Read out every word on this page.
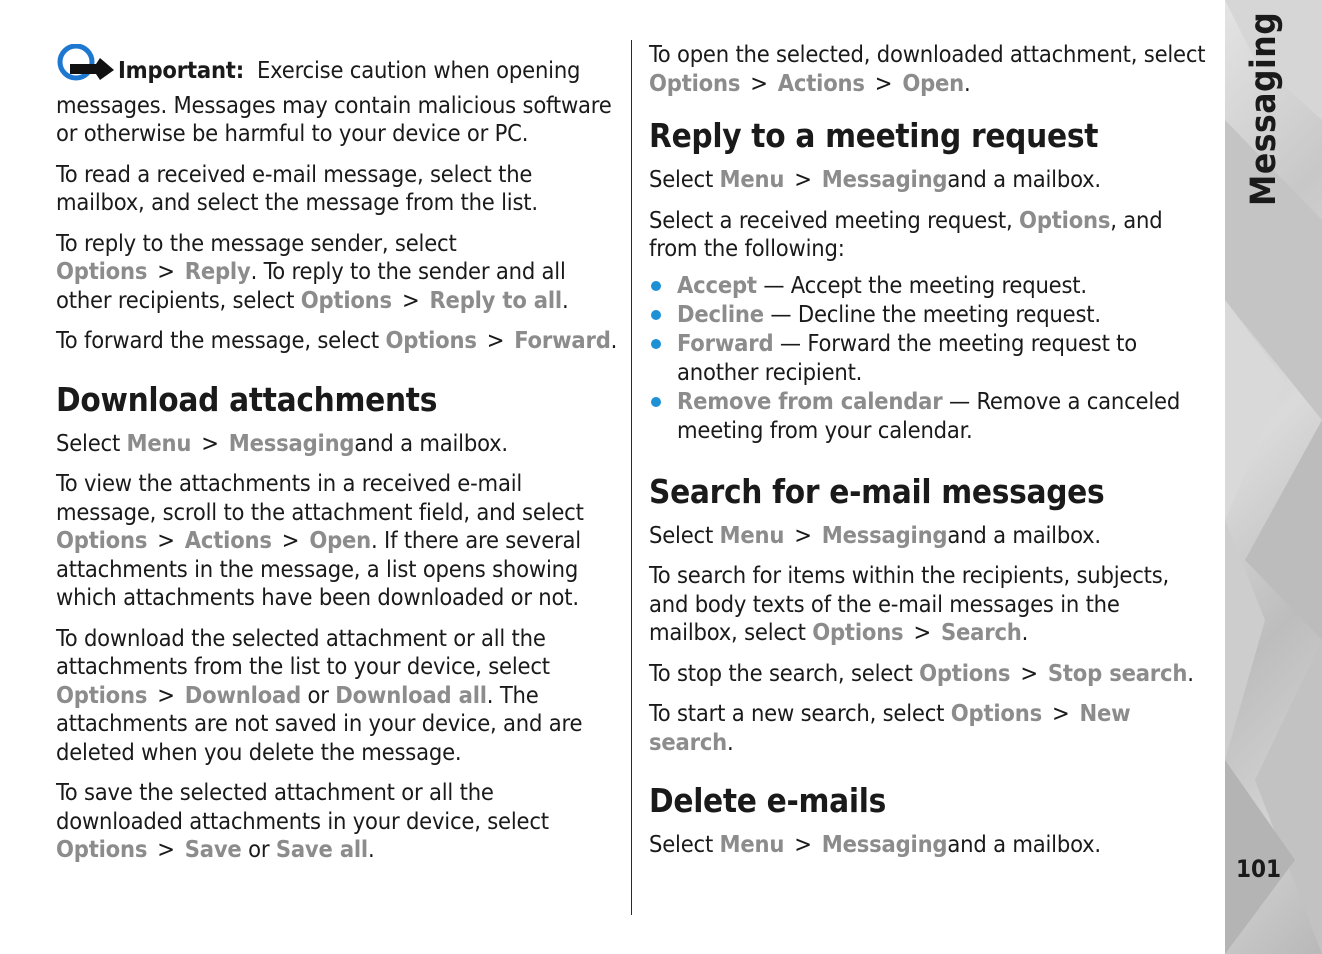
Important: Exercise caution when opening messages. Messages may contain malicious software or otherwise be harmful to your device or PC.

To read a received e-mail message, select the mailbox, and select the message from the list.

To reply to the message sender, select Options > Reply. To reply to the sender and all other recipients, select Options > Reply to all.

To forward the message, select Options > Forward.

Download attachments

Select Menu > Messagingand a mailbox.

To view the attachments in a received e-mail message, scroll to the attachment field, and select Options > Actions > Open. If there are several attachments in the message, a list opens showing which attachments have been downloaded or not.

To download the selected attachment or all the attachments from the list to your device, select Options > Download or Download all. The attachments are not saved in your device, and are deleted when you delete the message.

To save the selected attachment or all the downloaded attachments in your device, select Options > Save or Save all.

To open the selected, downloaded attachment, select Options > Actions > Open.

Reply to a meeting request

Select Menu > Messagingand a mailbox.

Select a received meeting request, Options, and from the following:

Accept — Accept the meeting request.
Decline — Decline the meeting request.
Forward — Forward the meeting request to another recipient.
Remove from calendar — Remove a canceled meeting from your calendar.
Search for e-mail messages

Select Menu > Messagingand a mailbox.

To search for items within the recipients, subjects, and body texts of the e-mail messages in the mailbox, select Options > Search.

To stop the search, select Options > Stop search.

To start a new search, select Options > New search.

Delete e-mails

Select Menu > Messagingand a mailbox.

Messaging
101
